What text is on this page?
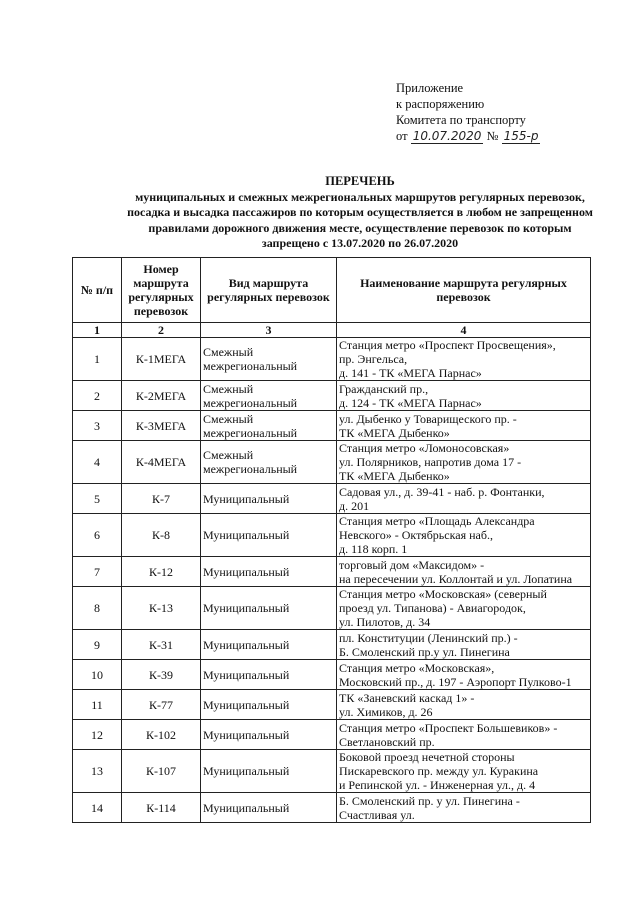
Приложение
к распоряжению
Комитета по транспорту
от 10.07.2020 № 155-р
ПЕРЕЧЕНЬ
муниципальных и смежных межрегиональных маршрутов регулярных перевозок,
посадка и высадка пассажиров по которым осуществляется в любом не запрещенном
правилами дорожного движения месте, осуществление перевозок по которым
запрещено с 13.07.2020 по 26.07.2020
№ п/п	Номер маршрута регулярных перевозок	Вид маршрута регулярных перевозок	Наименование маршрута регулярных перевозок
1	2	3	4
1	К-1МЕГА	Смежный
межрегиональный	Станция метро «Проспект Просвещения»,
пр. Энгельса,
д. 141 - ТК «МЕГА Парнас»

2	К-2МЕГА	Смежный
межрегиональный	Гражданский пр.,
д. 124 - ТК «МЕГА Парнас»

3	К-3МЕГА	Смежный
межрегиональный	ул. Дыбенко у Товарищеского пр. -
ТК «МЕГА Дыбенко»

4	К-4МЕГА	Смежный
межрегиональный	Станция метро «Ломоносовская»
ул. Полярников, напротив дома 17 -
ТК «МЕГА Дыбенко»

5	К-7	Муниципальный	Садовая ул., д. 39-41 - наб. р. Фонтанки,
д. 201

6	К-8	Муниципальный	Станция метро «Площадь Александра
Невского» - Октябрьская наб.,
д. 118 корп. 1

7	К-12	Муниципальный	торговый дом «Максидом» -
на пересечении ул. Коллонтай и ул. Лопатина

8	К-13	Муниципальный	Станция метро «Московская» (северный
проезд ул. Типанова) - Авиагородок,
ул. Пилотов, д. 34

9	К-31	Муниципальный	пл. Конституции (Ленинский пр.) -
Б. Смоленский пр.у ул. Пинегина

10	К-39	Муниципальный	Станция метро «Московская»,
Московский пр., д. 197 - Аэропорт Пулково-1

11	К-77	Муниципальный	ТК «Заневский каскад 1» -
ул. Химиков, д. 26

12	К-102	Муниципальный	Станция метро «Проспект Большевиков» -
Светлановский пр.

13	К-107	Муниципальный	Боковой проезд нечетной стороны
Пискаревского пр. между ул. Куракина
и Репинской ул. - Инженерная ул., д. 4

14	К-114	Муниципальный	Б. Смоленский пр. у ул. Пинегина -
Счастливая ул.
